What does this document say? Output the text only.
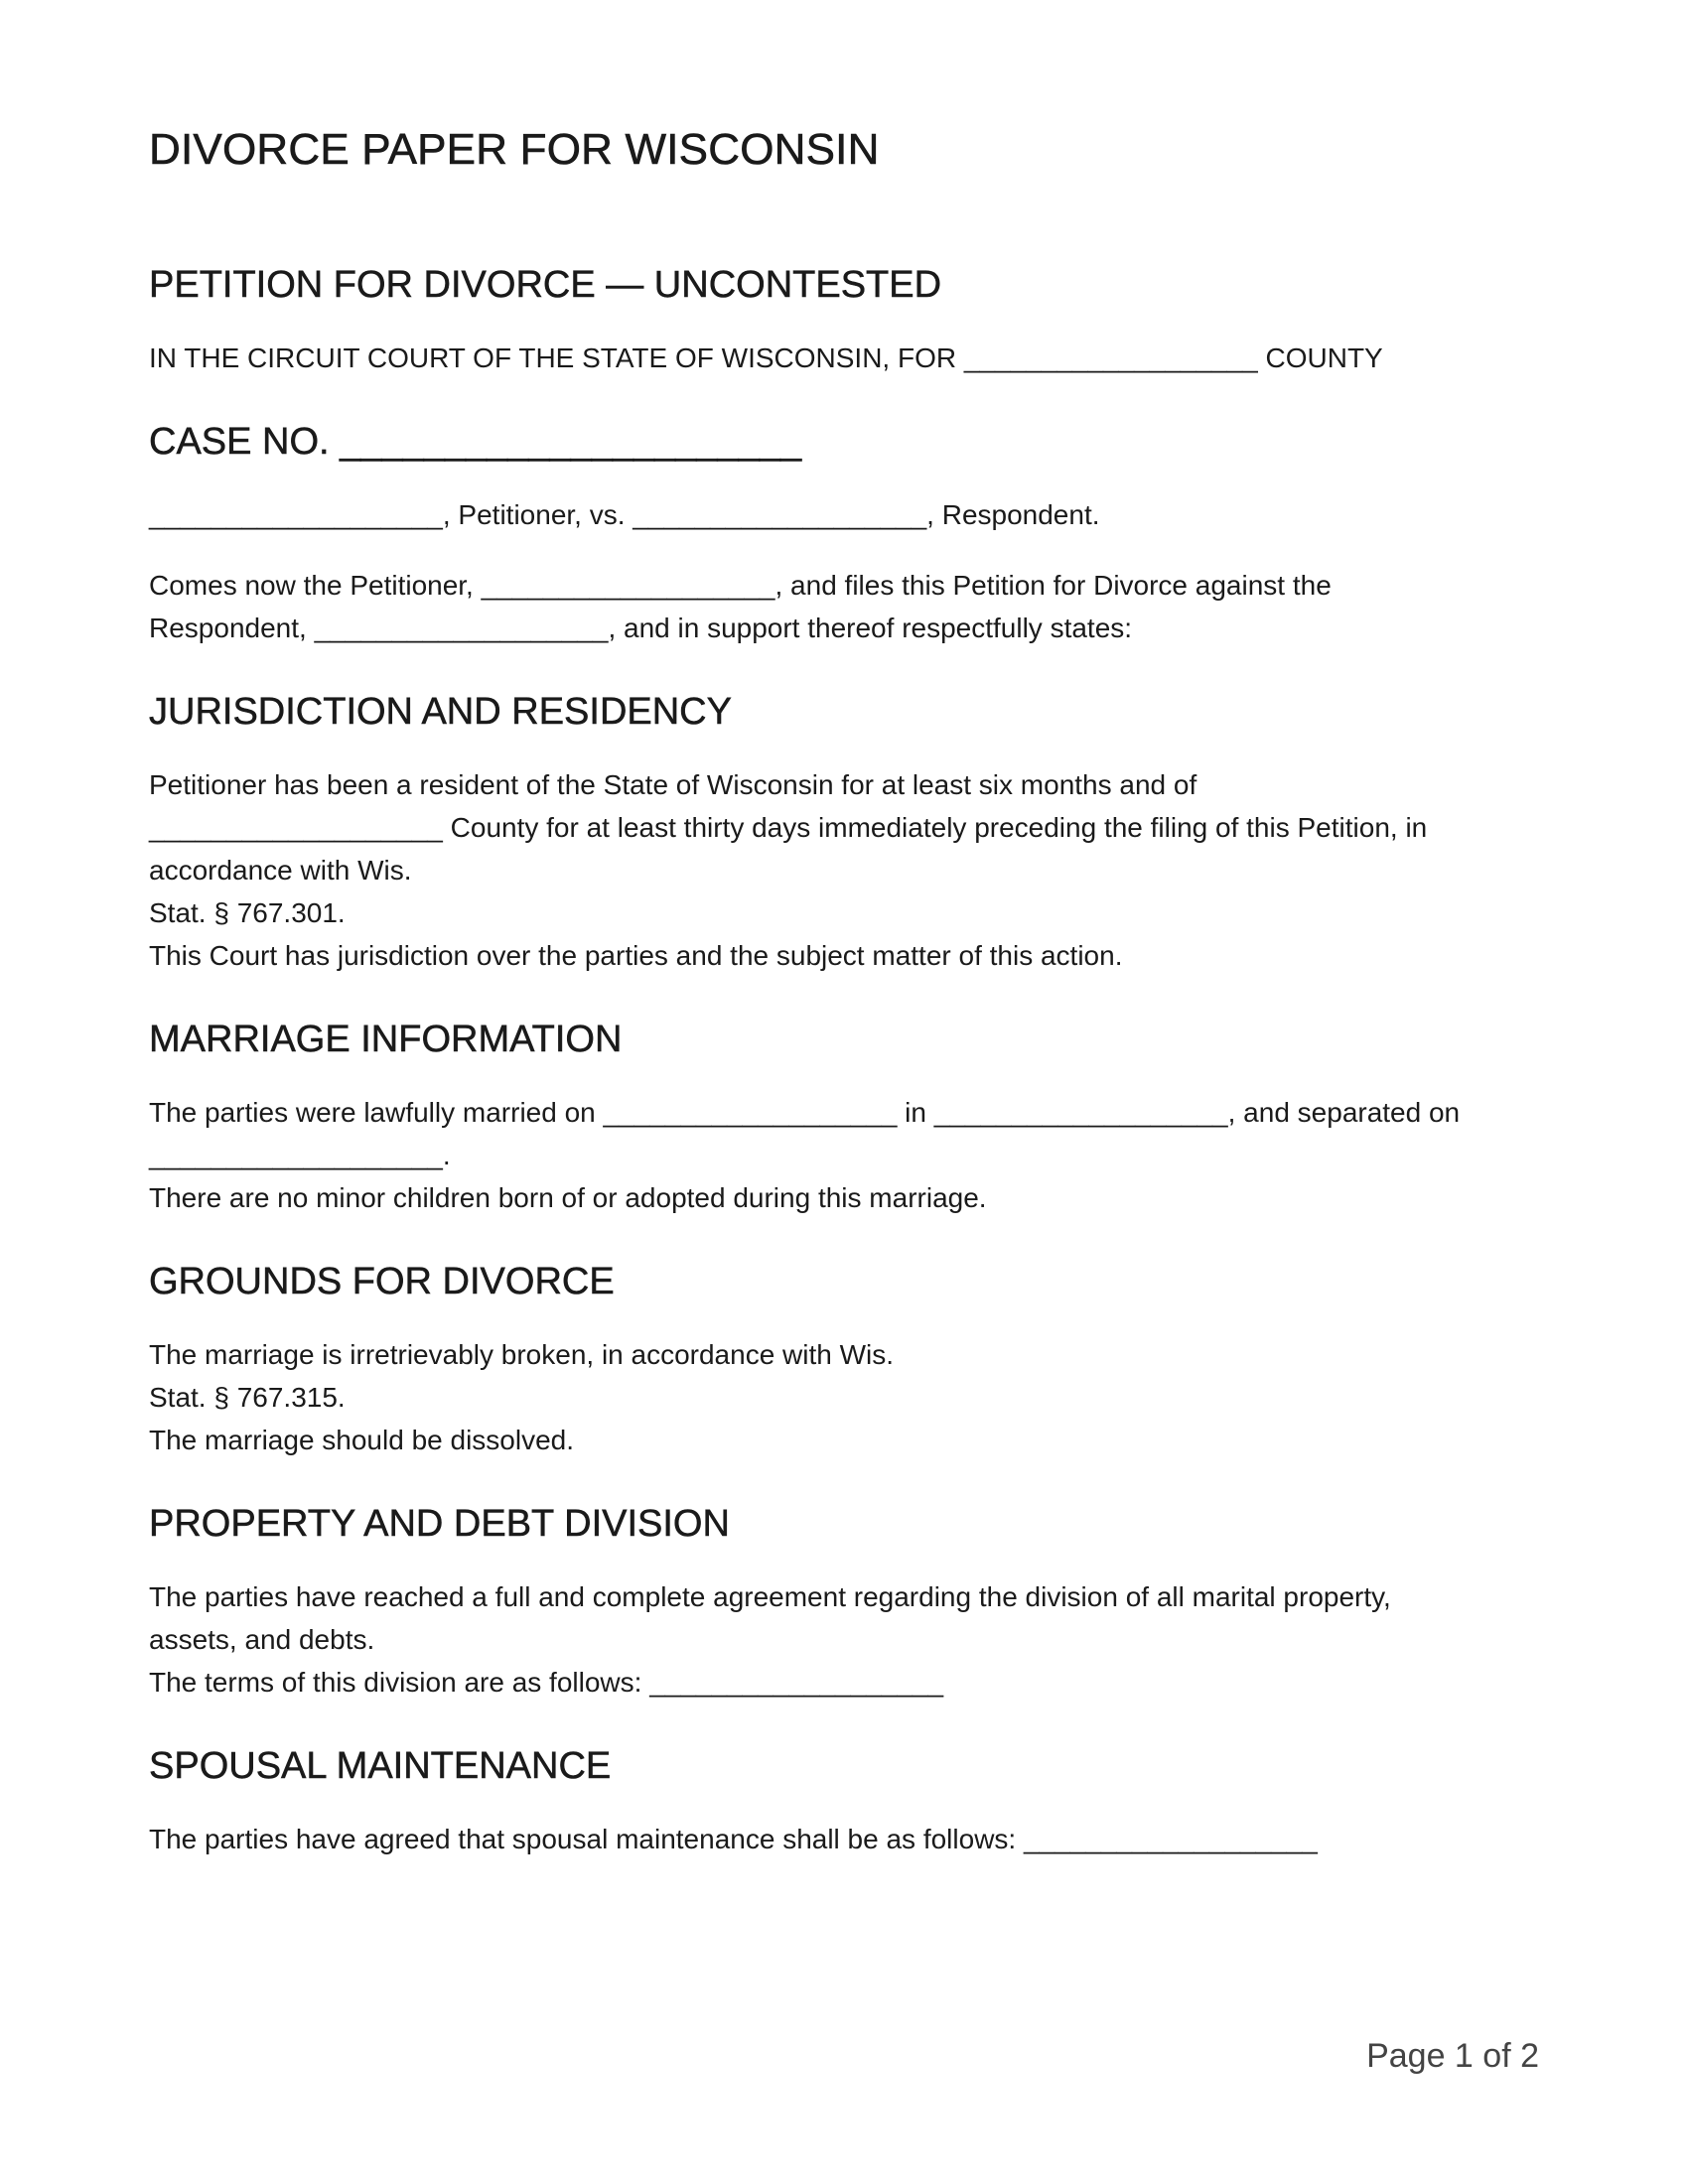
DIVORCE PAPER FOR WISCONSIN
PETITION FOR DIVORCE — UNCONTESTED

IN THE CIRCUIT COURT OF THE STATE OF WISCONSIN, FOR ___________________ COUNTY

CASE NO. ______________________

___________________, Petitioner, vs. ___________________, Respondent.

Comes now the Petitioner, ___________________, and files this Petition for Divorce against the

Respondent, ___________________, and in support thereof respectfully states:

JURISDICTION AND RESIDENCY

Petitioner has been a resident of the State of Wisconsin for at least six months and of

___________________ County for at least thirty days immediately preceding the filing of this Petition, in

accordance with Wis.

Stat. § 767.301.

This Court has jurisdiction over the parties and the subject matter of this action.

MARRIAGE INFORMATION

The parties were lawfully married on ___________________ in ___________________, and separated on

___________________.

There are no minor children born of or adopted during this marriage.

GROUNDS FOR DIVORCE

The marriage is irretrievably broken, in accordance with Wis.

Stat. § 767.315.

The marriage should be dissolved.

PROPERTY AND DEBT DIVISION

The parties have reached a full and complete agreement regarding the division of all marital property,

assets, and debts.

The terms of this division are as follows: ___________________

SPOUSAL MAINTENANCE

The parties have agreed that spousal maintenance shall be as follows: ___________________

Page 1 of 2
